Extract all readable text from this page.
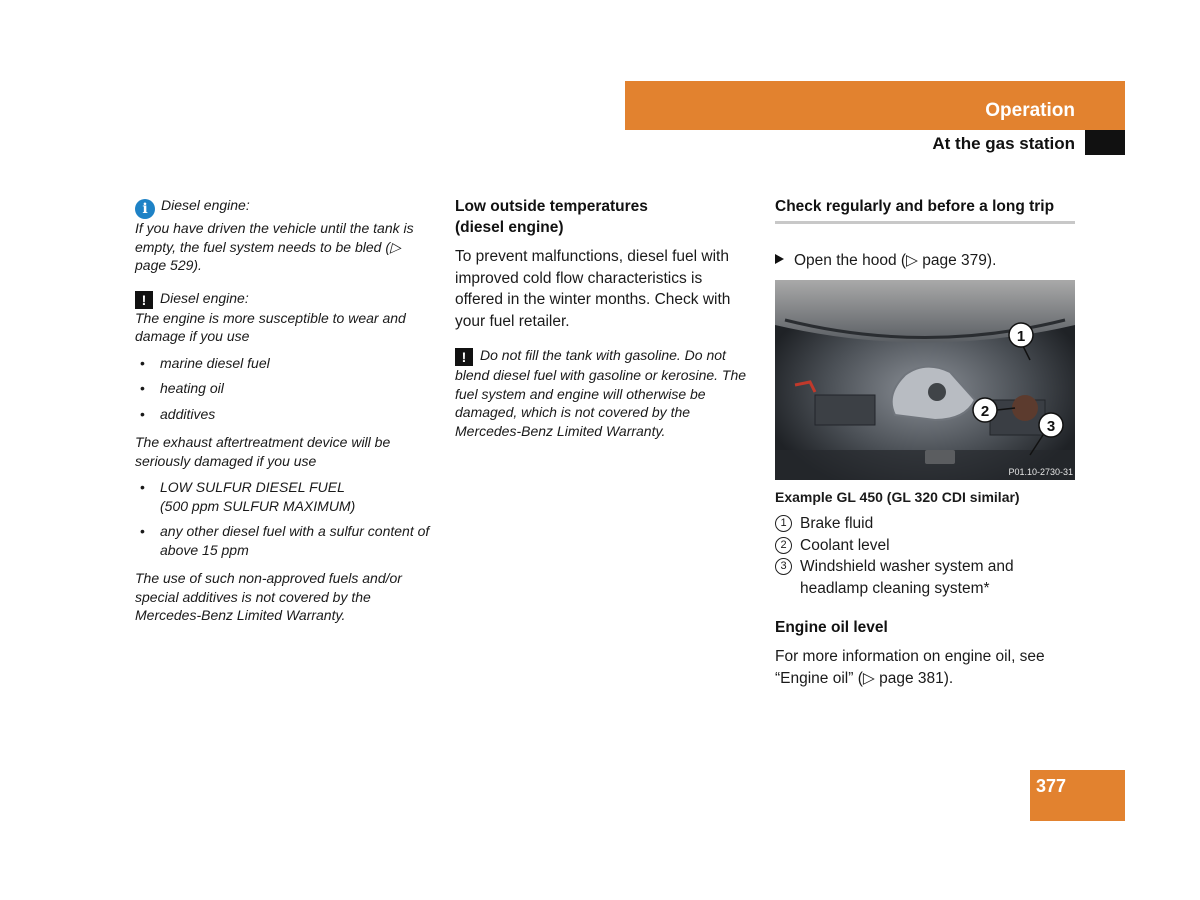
Operation
At the gas station

i Diesel engine:

If you have driven the vehicle until the tank is empty, the fuel system needs to be bled (▷ page 529).

! Diesel engine:

The engine is more susceptible to wear and damage if you use

• marine diesel fuel
• heating oil
• additives

The exhaust aftertreatment device will be seriously damaged if you use

• LOW SULFUR DIESEL FUEL
(500 ppm SULFUR MAXIMUM)
• any other diesel fuel with a sulfur content of above 15 ppm

The use of such non-approved fuels and/or special additives is not covered by the Mercedes-Benz Limited Warranty.

Low outside temperatures
(diesel engine)

To prevent malfunctions, diesel fuel with improved cold flow characteristics is offered in the winter months. Check with your fuel retailer.

! Do not fill the tank with gasoline. Do not blend diesel fuel with gasoline or kerosine. The fuel system and engine will otherwise be damaged, which is not covered by the Mercedes-Benz Limited Warranty.

Check regularly and before a long trip
Open the hood (▷ page 379).
1
2
3
P01.10-2730-31
Example GL 450 (GL 320 CDI similar)
1 Brake fluid
2 Coolant level
3 Windshield washer system and headlamp cleaning system*
Engine oil level

For more information on engine oil, see “Engine oil” (▷ page 381).

377
